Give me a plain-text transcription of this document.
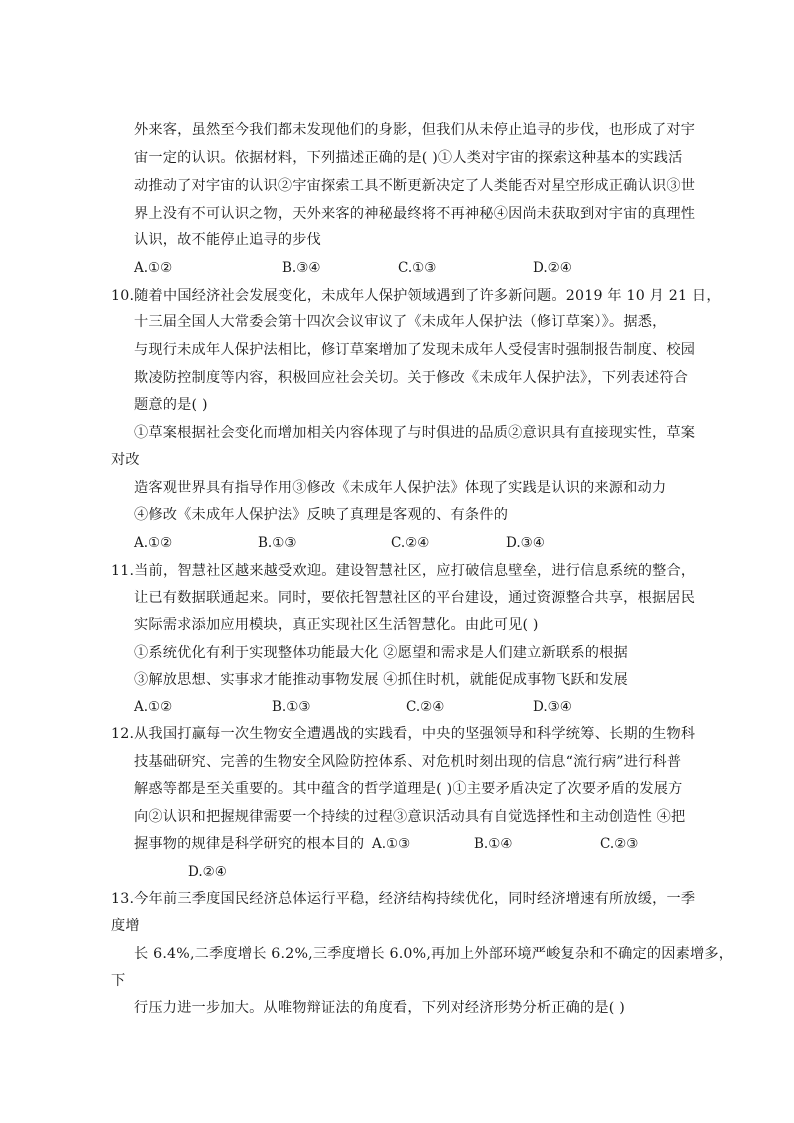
外来客，虽然至今我们都未发现他们的身影，但我们从未停止追寻的步伐，也形成了对宇
宙一定的认识。依据材料，下列描述正确的是( )①人类对宇宙的探索这种基本的实践活
动推动了对宇宙的认识②宇宙探索工具不断更新决定了人类能否对星空形成正确认识③世
界上没有不可认识之物，天外来客的神秘最终将不再神秘④因尚未获取到对宇宙的真理性
认识，故不能停止追寻的步伐
A.①②	B.③④	C.①③	D.②④
10.随着中国经济社会发展变化，未成年人保护领域遇到了许多新问题。2019 年 10 月 21 日，
十三届全国人大常委会第十四次会议审议了《未成年人保护法（修订草案）》。据悉，
与现行未成年人保护法相比，修订草案增加了发现未成年人受侵害时强制报告制度、校园
欺凌防控制度等内容，积极回应社会关切。关于修改《未成年人保护法》，下列表述符合
题意的是( )
①草案根据社会变化而增加相关内容体现了与时俱进的品质②意识具有直接现实性，草案
对改
造客观世界具有指导作用③修改《未成年人保护法》体现了实践是认识的来源和动力
④修改《未成年人保护法》反映了真理是客观的、有条件的
A.①②	B.①③	C.②④	D.③④
11.当前，智慧社区越来越受欢迎。建设智慧社区，应打破信息壁垒，进行信息系统的整合，
让已有数据联通起来。同时，要依托智慧社区的平台建设，通过资源整合共享，根据居民
实际需求添加应用模块，真正实现社区生活智慧化。由此可见( )
①系统优化有利于实现整体功能最大化 ②愿望和需求是人们建立新联系的根据
③解放思想、实事求才能推动事物发展 ④抓住时机，就能促成事物飞跃和发展
A.①②	B.①③	C.②④	D.③④
12.从我国打赢每一次生物安全遭遇战的实践看，中央的坚强领导和科学统筹、长期的生物科
技基础研究、完善的生物安全风险防控体系、对危机时刻出现的信息“流行病”进行科普
解惑等都是至关重要的。其中蕴含的哲学道理是( )①主要矛盾决定了次要矛盾的发展方
向②认识和把握规律需要一个持续的过程③意识活动具有自觉选择性和主动创造性 ④把
握事物的规律是科学研究的根本目的 A.①③	B.①④	C.②③
D.②④
13.今年前三季度国民经济总体运行平稳，经济结构持续优化，同时经济增速有所放缓，一季
度增
长 6.4%,二季度增长 6.2%,三季度增长 6.0%,再加上外部环境严峻复杂和不确定的因素增多，
下
行压力进一步加大。从唯物辩证法的角度看，下列对经济形势分析正确的是( )
